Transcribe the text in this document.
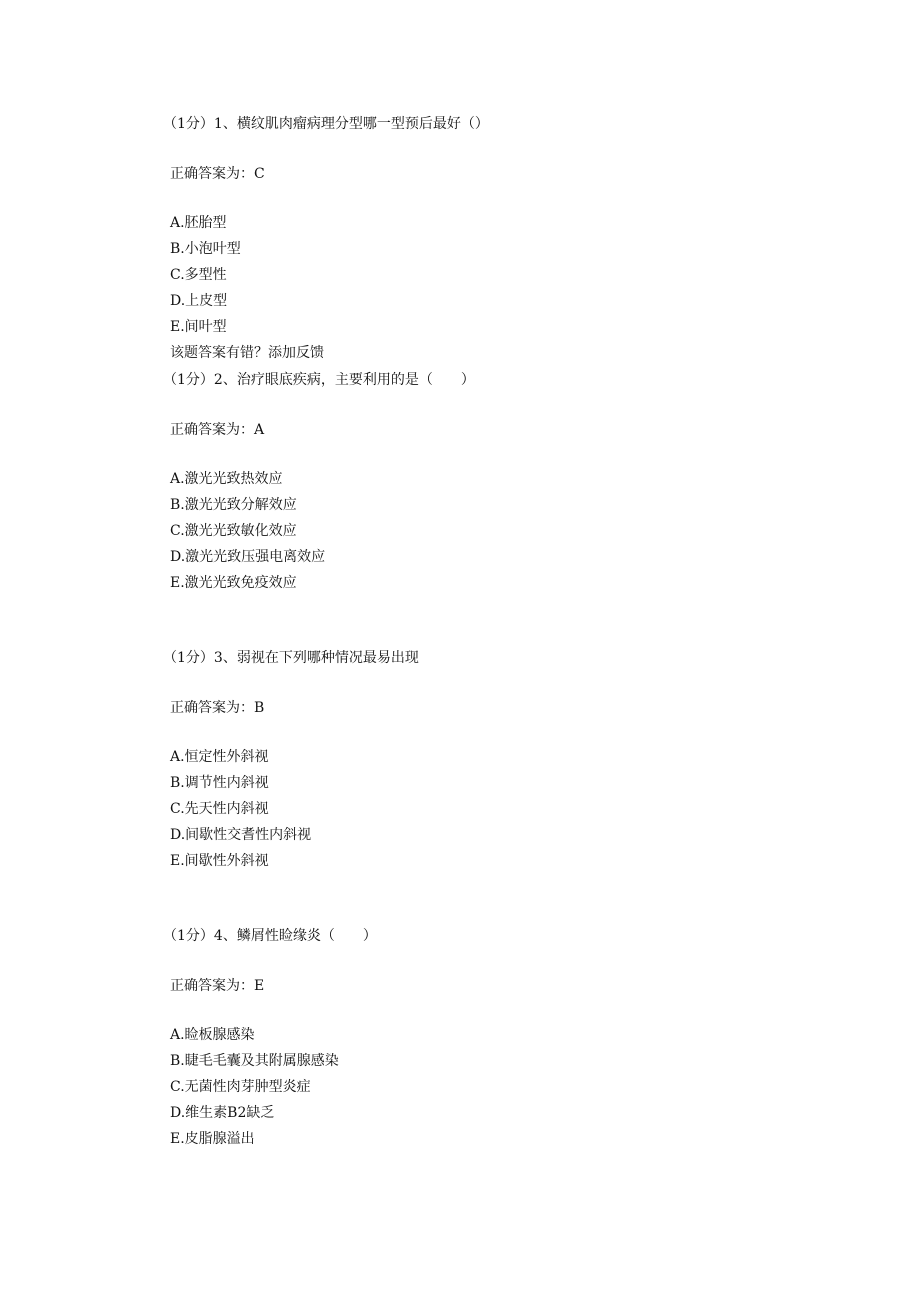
（1分）1、横纹肌肉瘤病理分型哪一型预后最好（）
正确答案为：C
A.胚胎型
B.小泡叶型
C.多型性
D.上皮型
E.间叶型
该题答案有错？添加反馈
（1分）2、治疗眼底疾病，主要利用的是（　　）
正确答案为：A
A.激光光致热效应
B.激光光致分解效应
C.激光光致敏化效应
D.激光光致压强电离效应
E.激光光致免疫效应
（1分）3、弱视在下列哪种情况最易出现
正确答案为：B
A.恒定性外斜视
B.调节性内斜视
C.先天性内斜视
D.间歇性交耆性内斜视
E.间歇性外斜视
（1分）4、鳞屑性睑缘炎（　　）
正确答案为：E
A.睑板腺感染
B.睫毛毛囊及其附属腺感染
C.无菌性肉芽肿型炎症
D.维生素B2缺乏
E.皮脂腺溢出
